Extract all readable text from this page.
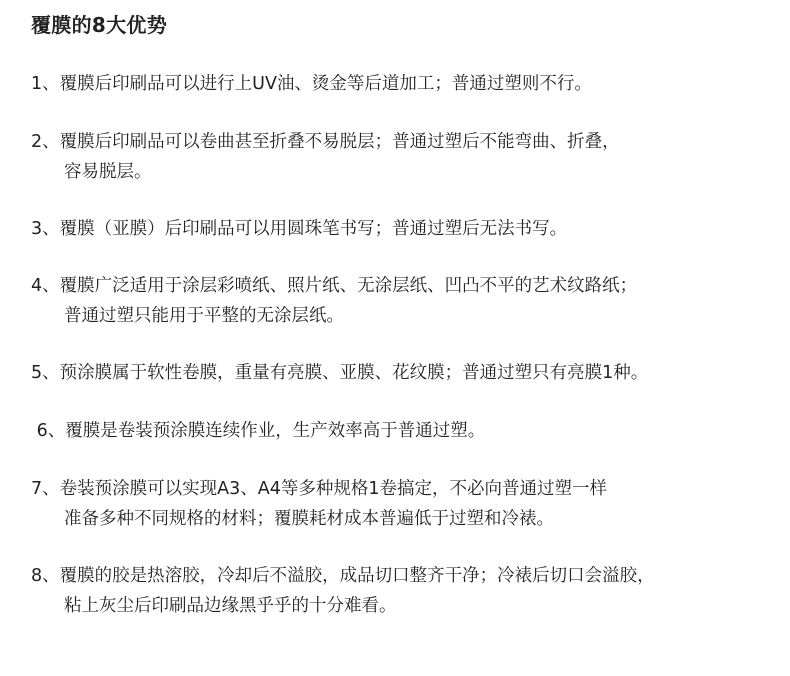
覆膜的8大优势
1、覆膜后印刷品可以进行上UV油、烫金等后道加工；普通过塑则不行。
2、覆膜后印刷品可以卷曲甚至折叠不易脱层；普通过塑后不能弯曲、折叠，
容易脱层。
3、覆膜（亚膜）后印刷品可以用圆珠笔书写；普通过塑后无法书写。
4、覆膜广泛适用于涂层彩喷纸、照片纸、无涂层纸、凹凸不平的艺术纹路纸；
普通过塑只能用于平整的无涂层纸。
5、预涂膜属于软性卷膜，重量有亮膜、亚膜、花纹膜；普通过塑只有亮膜1种。
6、覆膜是卷装预涂膜连续作业，生产效率高于普通过塑。
7、卷装预涂膜可以实现A3、A4等多种规格1卷搞定，不必向普通过塑一样
准备多种不同规格的材料；覆膜耗材成本普遍低于过塑和冷裱。
8、覆膜的胶是热溶胶，冷却后不溢胶，成品切口整齐干净；冷裱后切口会溢胶，
粘上灰尘后印刷品边缘黑乎乎的十分难看。
